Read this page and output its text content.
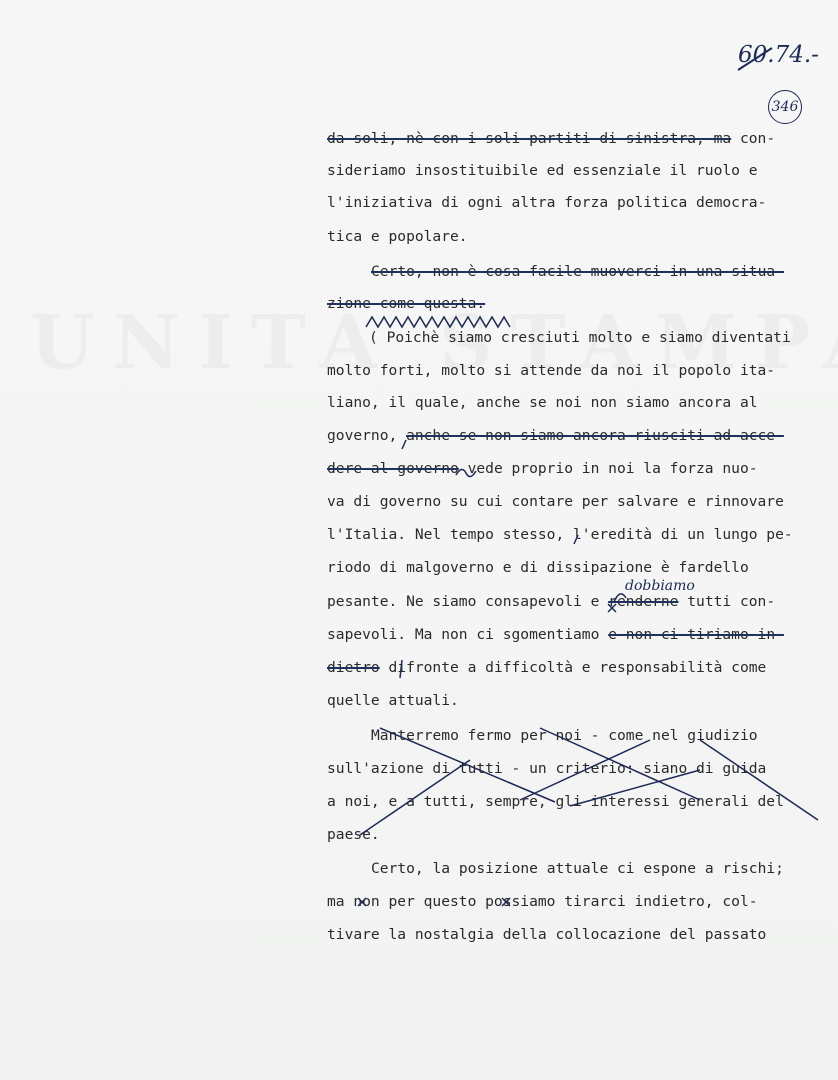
60.74.-
346
da soli, nè con i soli partiti di sinistra, ma con-
sideriamo insostituibile ed essenziale il ruolo e
l'iniziativa di ogni altra forza politica democra-
tica e popolare.
Certo, non è cosa facile muoverci in una situa-
zione come questa.
( Poichè siamo cresciuti molto e siamo diventati
molto forti, molto si attende da noi il popolo ita-
liano, il quale, anche se noi non siamo ancora al
governo, anche se non siamo ancora riusciti ad acce-
dere al governo vede proprio in noi la forza nuo-
va di governo su cui contare per salvare e rinnovare
l'Italia. Nel tempo stesso, l'eredità di un lungo pe-
riodo di malgoverno e di dissipazione è fardello
dobbiamo
pesante. Ne siamo consapevoli e renderne tutti con-
sapevoli. Ma non ci sgomentiamo e non ci tiriamo in-
dietro difronte a difficoltà e responsabilità come
quelle attuali.
Manterremo fermo per noi - come nel giudizio
sull'azione di tutti - un criterio: siano di guida
a noi, e a tutti, sempre, gli interessi generali del
paese.
Certo, la posizione attuale ci espone a rischi;
ma non per questo possiamo tirarci indietro, col-
tivare la nostalgia della collocazione del passato
